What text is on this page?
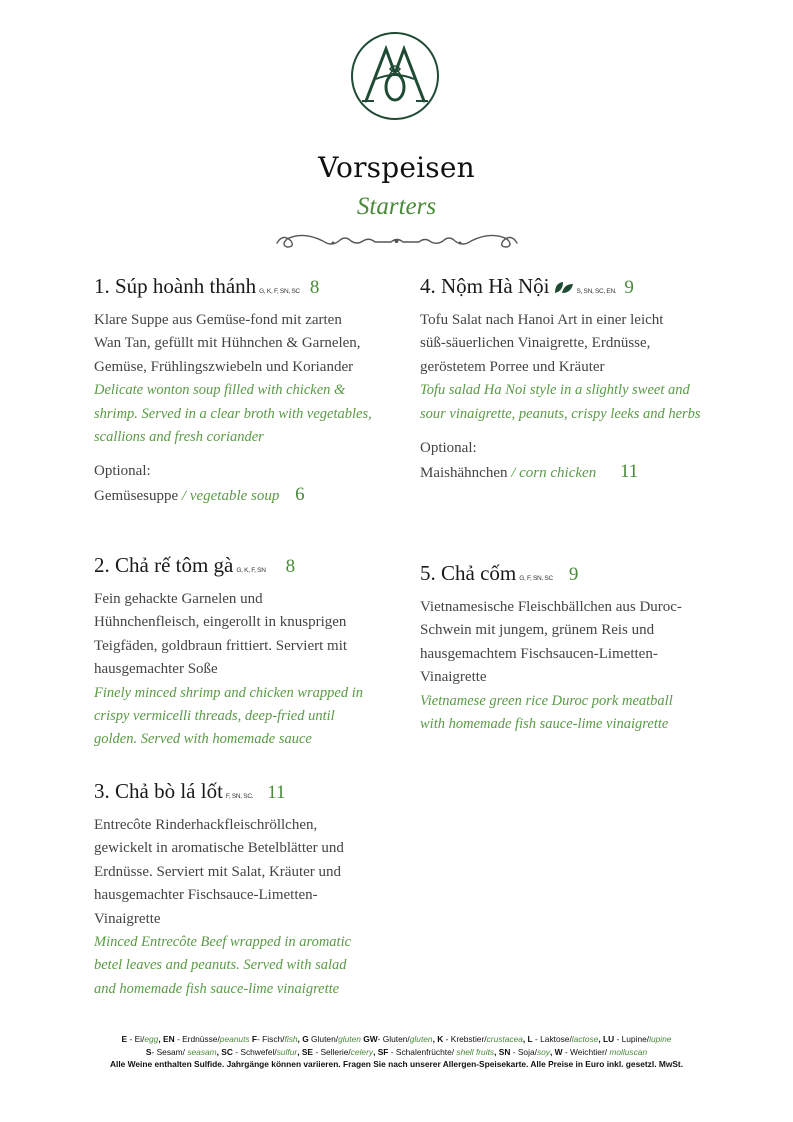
Vorspeisen
Starters
1. Súp hoành thánh G, K, F, SN, SC 8
Klare Suppe aus Gemüse-fond mit zarten
Wan Tan, gefüllt mit Hühnchen & Garnelen,
Gemüse, Frühlingszwiebeln und Koriander
Delicate wonton soup filled with chicken &
shrimp. Served in a clear broth with vegetables,
scallions and fresh coriander
Optional:
Gemüsesuppe / vegetable soup 6
2. Chả rế tôm gà G, K, F, SN 8
Fein gehackte Garnelen und
Hühnchenfleisch, eingerollt in knusprigen
Teigfäden, goldbraun frittiert. Serviert mit
hausgemachter Soße
Finely minced shrimp and chicken wrapped in
crispy vermicelli threads, deep-fried until
golden. Served with homemade sauce
3. Chả bò lá lốt F, SN, SC. 11
Entrecôte Rinderhackfleischröllchen,
gewickelt in aromatische Betelblätter und
Erdnüsse. Serviert mit Salat, Kräuter und
hausgemachter Fischsauce-Limetten-
Vinaigrette
Minced Entrecôte Beef wrapped in aromatic
betel leaves and peanuts. Served with salad
and homemade fish sauce-lime vinaigrette
4. Nộm Hà Nội	S, SN, SC, EN. 9
Tofu Salat nach Hanoi Art in einer leicht
süß-säuerlichen Vinaigrette, Erdnüsse,
geröstetem Porree und Kräuter
Tofu salad Ha Noi style in a slightly sweet and
sour vinaigrette, peanuts, crispy leeks and herbs
Optional:
Maishähnchen / corn chicken 11
5. Chả cốm G, F, SN, SC 9
Vietnamesische Fleischbällchen aus Duroc-
Schwein mit jungem, grünem Reis und
hausgemachtem Fischsaucen-Limetten-
Vinaigrette
Vietnamese green rice Duroc pork meatball
with homemade fish sauce-lime vinaigrette
E - Ei/egg, EN - Erdnüsse/peanuts F- Fisch/fish, G Gluten/gluten GW- Gluten/gluten, K - Krebstier/crustacea, L - Laktose/lactose, LU - Lupine/lupine
S- Sesam/ seasam, SC - Schwefel/sulfur, SE - Sellerie/celery, SF - Schalenfrüchte/ shell fruits, SN - Soja/soy, W - Weichtier/ molluscan
Alle Weine enthalten Sulfide. Jahrgänge können variieren. Fragen Sie nach unserer Allergen-Speisekarte. Alle Preise in Euro inkl. gesetzl. MwSt.
